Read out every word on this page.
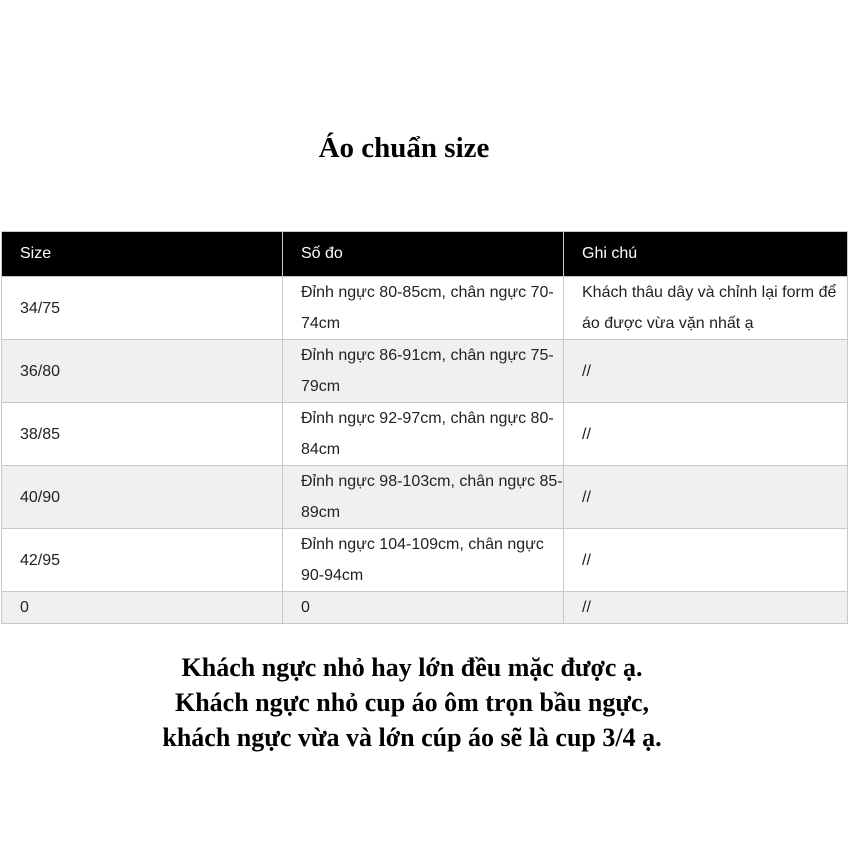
Áo chuẩn size
Size	Số đo	Ghi chú
34/75	Đỉnh ngực 80-85cm, chân ngực 70-74cm	Khách thâu dây và chỉnh lại form để áo được vừa vặn nhất ạ
36/80	Đỉnh ngực 86-91cm, chân ngực 75-79cm	//
38/85	Đỉnh ngực 92-97cm, chân ngực 80-84cm	//
40/90	Đỉnh ngực 98-103cm, chân ngực 85-89cm	//
42/95	Đỉnh ngực 104-109cm, chân ngực 90-94cm	//
0	0	//
Khách ngực nhỏ hay lớn đều mặc được ạ.
Khách ngực nhỏ cup áo ôm trọn bầu ngực,
khách ngực vừa và lớn cúp áo sẽ là cup 3/4 ạ.
